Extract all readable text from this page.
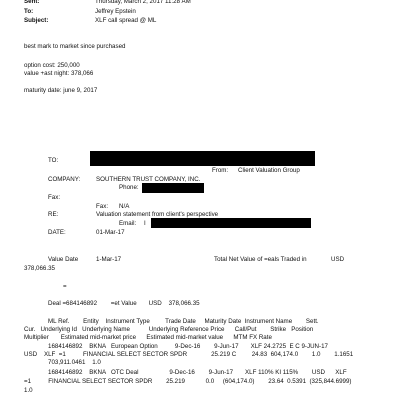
Sent:	Thursday, March 2, 2017 11:28 AM
To:	Jeffrey Epstein
Subject:	XLF call spread @ ML
best mark to market since purchased
option cost: 250,000
value +ast night: 378,066
maturity date: june 9, 2017
TO:
From: Client Valuation Group
COMPANY:	SOUTHERN TRUST COMPANY, INC.
Phone:
Fax:
Fax: N/A
RE:	Valuation statement from client's perspective
Email: I
DATE:	01-Mar-17
Value Date	1-Mar-17	Total Net Value of =eals Traded in	USD
378,066.35
=
Deal =684146892        =et Value       USD    378,066.35
ML Ref.        Entity    Instrument Type         Trade Date     Maturity Date  Instrument Name        Sett.
Cur.   Underlying Id   Underlying Name           Underlying Reference Price      Call/Put        Strike   Position
Multiplier       Estimated mid-market price      Estimated mid-market value      MTM FX Rate
1684146892    BKNA   European Option          9-Dec-16        9-Jun-17       XLF 24.2725  E C 9-JUN-17
USD    XLF  =1          FINANCIAL SELECT SECTOR SPDR              25.219 C         24.83  604,174.0        1.0        1.1651
703,911.0461    1.0
1684146892    BKNA   OTC Deal                  9-Dec-16        9-Jun-17       XLF 110% KI 115%        USD      XLF
=1          FINANCIAL SELECT SECTOR SPDR        25.219            0.0     (604,174.0)        23.64  0.5391  (325,844.6999)
1.0
